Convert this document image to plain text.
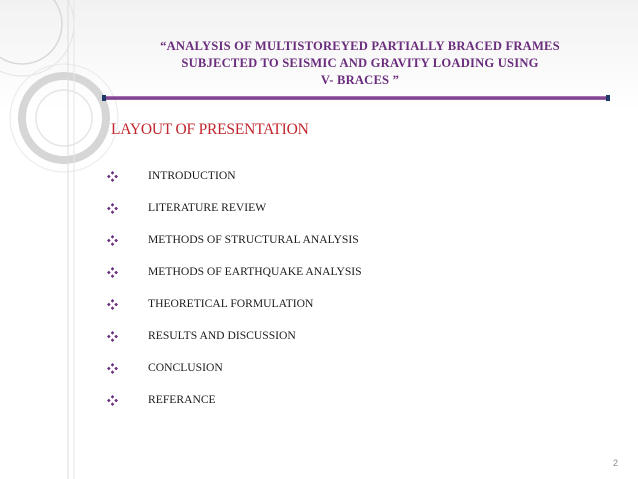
“ANALYSIS OF MULTISTOREYED PARTIALLY BRACED FRAMES
SUBJECTED TO SEISMIC AND GRAVITY LOADING USING
V- BRACES ”
LAYOUT OF PRESENTATION
INTRODUCTION
LITERATURE REVIEW
METHODS OF STRUCTURAL ANALYSIS
METHODS OF EARTHQUAKE ANALYSIS
THEORETICAL FORMULATION
RESULTS AND DISCUSSION
CONCLUSION
REFERANCE
2
